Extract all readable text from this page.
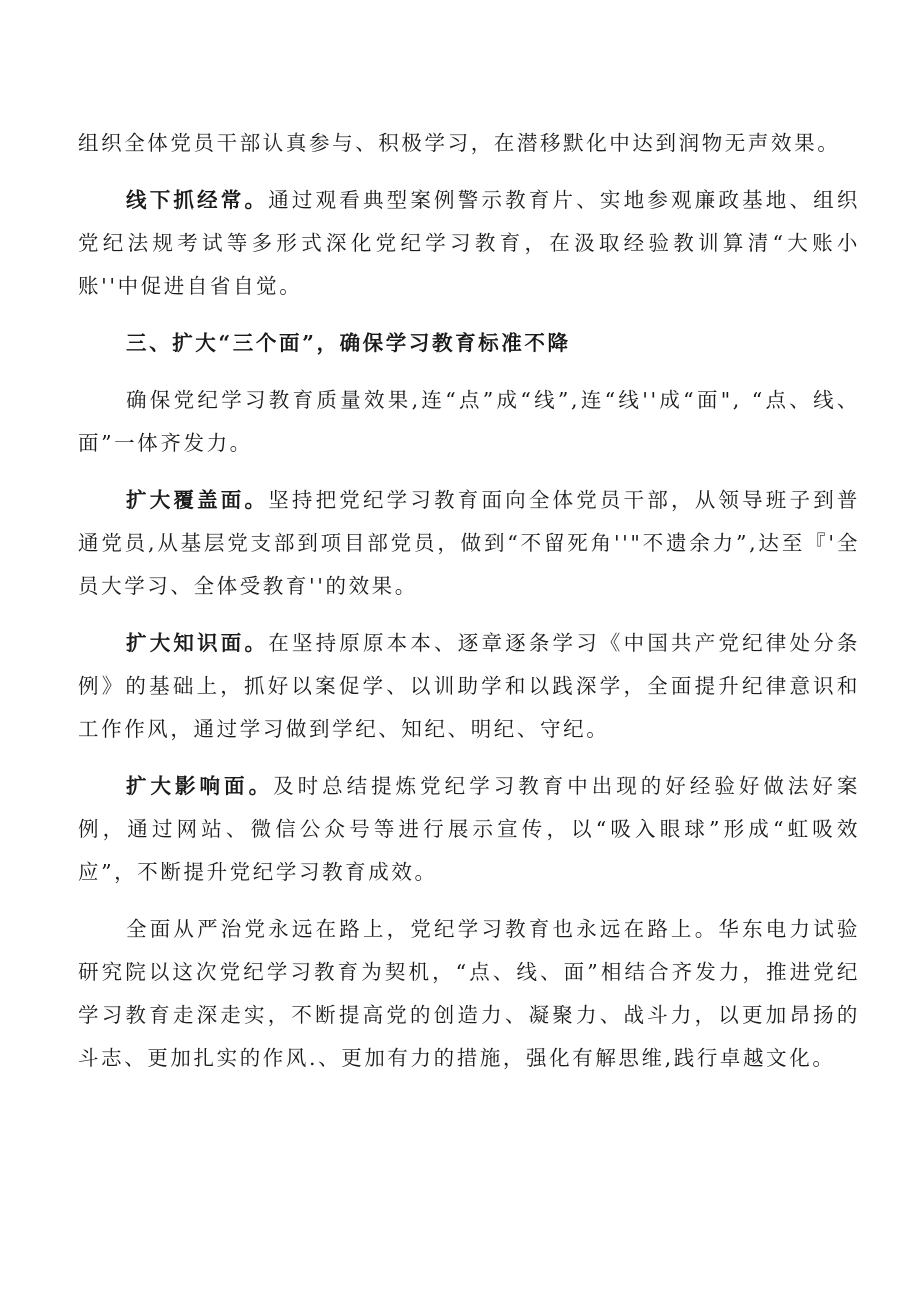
组织全体党员干部认真参与、积极学习，在潜移默化中达到润物无声效果。

线下抓经常。通过观看典型案例警示教育片、实地参观廉政基地、组织党纪法规考试等多形式深化党纪学习教育，在汲取经验教训算清“大账小账''中促进自省自觉。

三、扩大“三个面”，确保学习教育标准不降

确保党纪学习教育质量效果,连“点”成“线”,连“线''成“面", “点、线、面”一体齐发力。

扩大覆盖面。坚持把党纪学习教育面向全体党员干部，从领导班子到普通党员,从基层党支部到项目部党员，做到“不留死角''"不遗余力”,达至『'全员大学习、全体受教育''的效果。

扩大知识面。在坚持原原本本、逐章逐条学习《中国共产党纪律处分条例》的基础上，抓好以案促学、以训助学和以践深学，全面提升纪律意识和工作作风，通过学习做到学纪、知纪、明纪、守纪。

扩大影响面。及时总结提炼党纪学习教育中出现的好经验好做法好案例，通过网站、微信公众号等进行展示宣传，以“吸入眼球”形成“虹吸效应”，不断提升党纪学习教育成效。

全面从严治党永远在路上，党纪学习教育也永远在路上。华东电力试验研究院以这次党纪学习教育为契机，“点、线、面”相结合齐发力，推进党纪学习教育走深走实，不断提高党的创造力、凝聚力、战斗力，以更加昂扬的斗志、更加扎实的作风.、更加有力的措施，强化有解思维,践行卓越文化。
